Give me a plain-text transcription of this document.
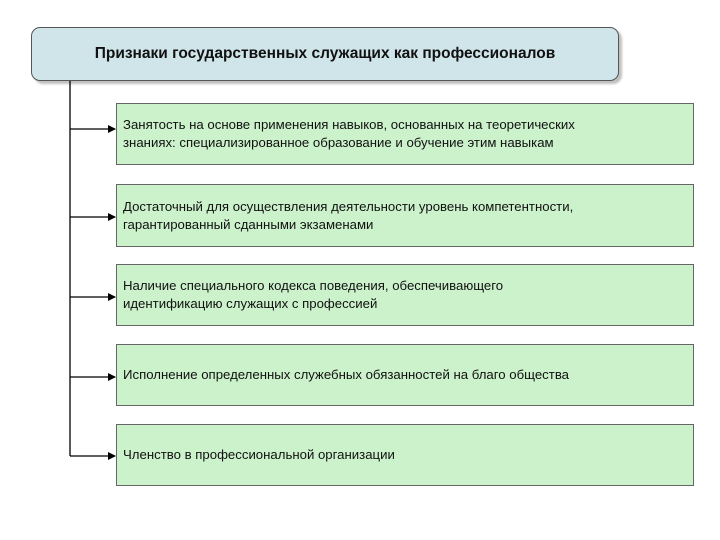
Признаки государственных служащих как профессионалов
Занятость на основе применения навыков, основанных на теоретических
знаниях: специализированное образование и обучение этим навыкам
Достаточный для осуществления деятельности уровень компетентности,
гарантированный сданными экзаменами
Наличие специального кодекса поведения, обеспечивающего
идентификацию служащих с профессией
Исполнение определенных служебных обязанностей на благо общества
Членство в профессиональной организации
